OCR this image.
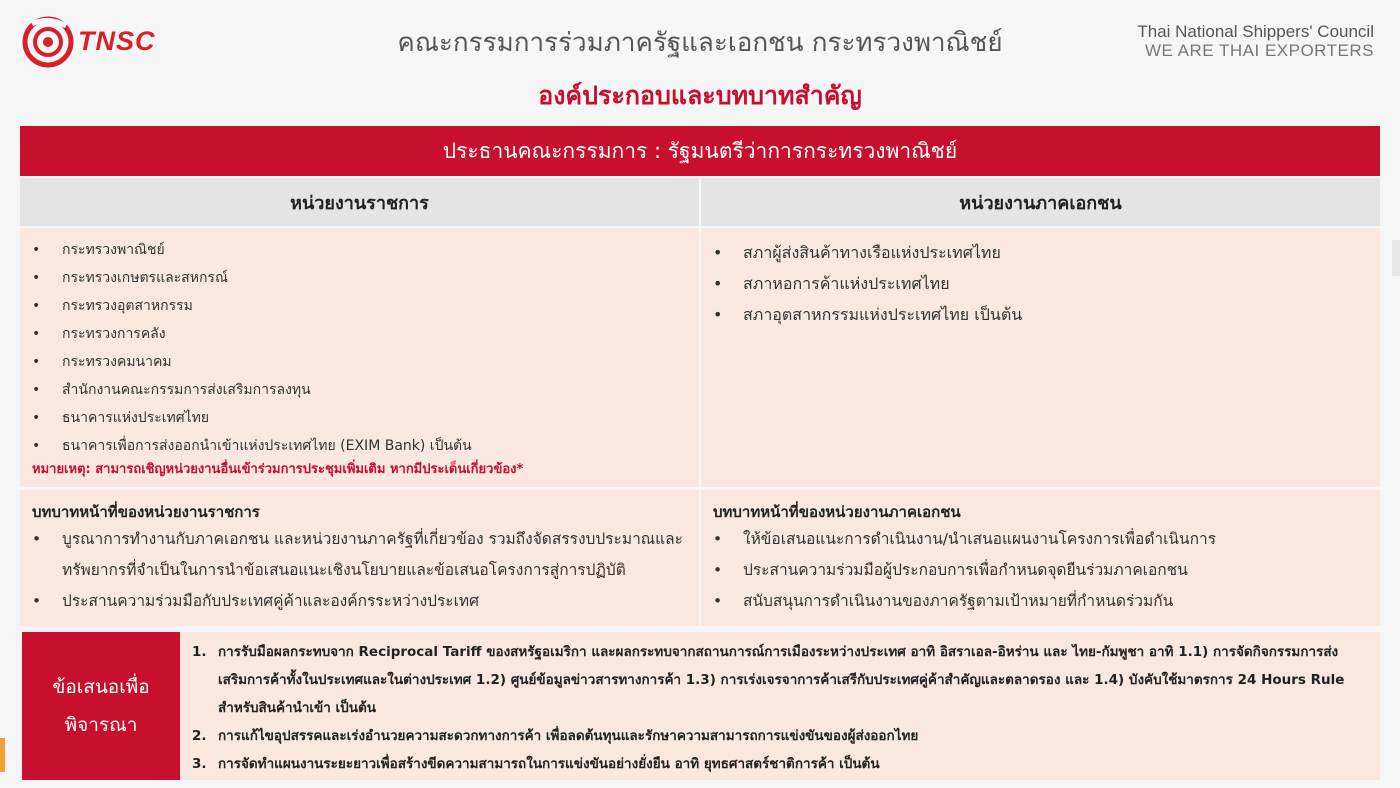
TNSC	คณะกรรมการร่วมภาครัฐและเอกชน กระทรวงพาณิชย์
องค์ประกอบและบทบาทสำคัญ
Thai National Shippers' Council
WE ARE THAI EXPORTERS
ประธานคณะกรรมการ : รัฐมนตรีว่าการกระทรวงพาณิชย์
หน่วยงานราชการ	หน่วยงานภาคเอกชน
• กระทรวงพาณิชย์
• กระทรวงเกษตรและสหกรณ์
• กระทรวงอุตสาหกรรม
• กระทรวงการคลัง
• กระทรวงคมนาคม
• สำนักงานคณะกรรมการส่งเสริมการลงทุน
• ธนาคารแห่งประเทศไทย
• ธนาคารเพื่อการส่งออกนำเข้าแห่งประเทศไทย (EXIM Bank) เป็นต้น
หมายเหตุ: สามารถเชิญหน่วยงานอื่นเข้าร่วมการประชุมเพิ่มเติม หากมีประเด็นเกี่ยวข้อง*
• สภาผู้ส่งสินค้าทางเรือแห่งประเทศไทย
• สภาหอการค้าแห่งประเทศไทย
• สภาอุตสาหกรรมแห่งประเทศไทย เป็นต้น
บทบาทหน้าที่ของหน่วยงานราชการ
• บูรณาการทำงานกับภาคเอกชน และหน่วยงานภาครัฐที่เกี่ยวข้อง รวมถึงจัดสรรงบประมาณและทรัพยากรที่จำเป็นในการนำข้อเสนอแนะเชิงนโยบายและข้อเสนอโครงการสู่การปฏิบัติ
• ประสานความร่วมมือกับประเทศคู่ค้าและองค์กรระหว่างประเทศ
บทบาทหน้าที่ของหน่วยงานภาคเอกชน
• ให้ข้อเสนอแนะการดำเนินงาน/นำเสนอแผนงานโครงการเพื่อดำเนินการ
• ประสานความร่วมมือผู้ประกอบการเพื่อกำหนดจุดยืนร่วมภาคเอกชน
• สนับสนุนการดำเนินงานของภาครัฐตามเป้าหมายที่กำหนดร่วมกัน
ข้อเสนอเพื่อ
พิจารณา
1. การรับมือผลกระทบจาก Reciprocal Tariff ของสหรัฐอเมริกา และผลกระทบจากสถานการณ์การเมืองระหว่างประเทศ อาทิ อิสราเอล-อิหร่าน และ ไทย-กัมพูชา อาทิ 1.1) การจัดกิจกรรมการส่งเสริมการค้าทั้งในประเทศและในต่างประเทศ 1.2) ศูนย์ข้อมูลข่าวสารทางการค้า 1.3) การเร่งเจรจาการค้าเสรีกับประเทศคู่ค้าสำคัญและตลาดรอง และ 1.4) บังคับใช้มาตรการ 24 Hours Rule สำหรับสินค้านำเข้า เป็นต้น
2. การแก้ไขอุปสรรคและเร่งอำนวยความสะดวกทางการค้า เพื่อลดต้นทุนและรักษาความสามารถการแข่งขันของผู้ส่งออกไทย
3. การจัดทำแผนงานระยะยาวเพื่อสร้างขีดความสามารถในการแข่งขันอย่างยั่งยืน อาทิ ยุทธศาสตร์ชาติการค้า เป็นต้น
